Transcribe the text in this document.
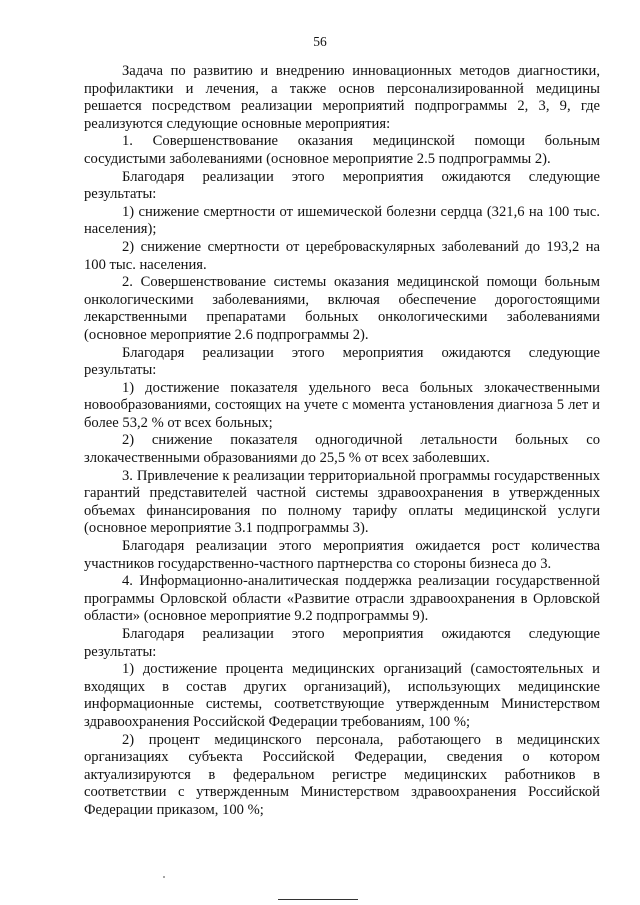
56

Задача по развитию и внедрению инновационных методов диагностики, профилактики и лечения, а также основ персонализированной медицины решается посредством реализации мероприятий подпрограммы 2, 3, 9, где реализуются следующие основные мероприятия:

1. Совершенствование оказания медицинской помощи больным сосудистыми заболеваниями (основное мероприятие 2.5 подпрограммы 2).

Благодаря реализации этого мероприятия ожидаются следующие результаты:

1) снижение смертности от ишемической болезни сердца (321,6 на 100 тыс. населения);

2) снижение смертности от цереброваскулярных заболеваний до 193,2 на 100 тыс. населения.

2. Совершенствование системы оказания медицинской помощи больным онкологическими заболеваниями, включая обеспечение дорогостоящими лекарственными препаратами больных онкологическими заболеваниями (основное мероприятие 2.6 подпрограммы 2).

Благодаря реализации этого мероприятия ожидаются следующие результаты:

1) достижение показателя удельного веса больных злокачественными новообразованиями, состоящих на учете с момента установления диагноза 5 лет и более 53,2 % от всех больных;

2) снижение показателя одногодичной летальности больных со злокачественными образованиями до 25,5 % от всех заболевших.

3. Привлечение к реализации территориальной программы государственных гарантий представителей частной системы здравоохранения в утвержденных объемах финансирования по полному тарифу оплаты медицинской услуги (основное мероприятие 3.1 подпрограммы 3).

Благодаря реализации этого мероприятия ожидается рост количества участников государственно-частного партнерства со стороны бизнеса до 3.

4. Информационно-аналитическая поддержка реализации государственной программы Орловской области «Развитие отрасли здравоохранения в Орловской области» (основное мероприятие 9.2 подпрограммы 9).

Благодаря реализации этого мероприятия ожидаются следующие результаты:

1) достижение процента медицинских организаций (самостоятельных и входящих в состав других организаций), использующих медицинские информационные системы, соответствующие утвержденным Министерством здравоохранения Российской Федерации требованиям, 100 %;

2) процент медицинского персонала, работающего в медицинских организациях субъекта Российской Федерации, сведения о котором актуализируются в федеральном регистре медицинских работников в соответствии с утвержденным Министерством здравоохранения Российской Федерации приказом, 100 %;
